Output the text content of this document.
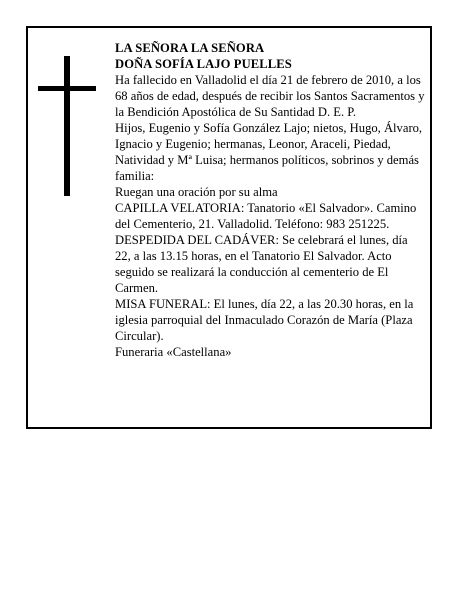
LA SEÑORA LA SEÑORA

DOÑA SOFÍA LAJO PUELLES

Ha fallecido en Valladolid el día 21 de febrero de 2010, a los 68 años de edad, después de recibir los Santos Sacramentos y la Bendición Apostólica de Su Santidad D. E. P.

Hijos, Eugenio y Sofía González Lajo; nietos, Hugo, Álvaro, Ignacio y Eugenio; hermanas, Leonor, Araceli, Piedad, Natividad y Mª Luisa; hermanos políticos, sobrinos y demás familia:

Ruegan una oración por su alma

CAPILLA VELATORIA: Tanatorio «El Salvador». Camino del Cementerio, 21. Valladolid. Teléfono: 983 251225.

DESPEDIDA DEL CADÁVER: Se celebrará el lunes, día 22, a las 13.15 horas, en el Tanatorio El Salvador. Acto seguido se realizará la conducción al cementerio de El Carmen.

MISA FUNERAL: El lunes, día 22, a las 20.30 horas, en la iglesia parroquial del Inmaculado Corazón de María (Plaza Circular).

Funeraria «Castellana»
